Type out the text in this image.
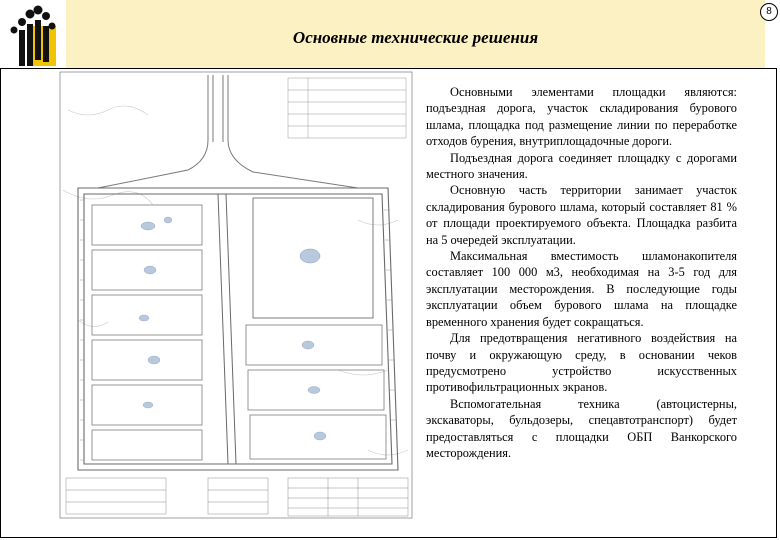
Основные технические решения
8

Основными элементами площадки являются: подъездная дорога, участок складирования бурового шлама, площадка под размещение линии по переработке отходов бурения, внутриплощадочные дороги.

Подъездная дорога соединяет площадку с дорогами местного значения.

Основную часть территории занимает участок складирования бурового шлама, который составляет 81 % от площади проектируемого объекта. Площадка разбита на 5 очередей эксплуатации.

Максимальная вместимость шламонакопителя составляет 100 000 м3, необходимая на 3-5 год для эксплуатации месторождения. В последующие годы эксплуатации объем бурового шлама на площадке временного хранения будет сокращаться.

Для предотвращения негативного воздействия на почву и окружающую среду, в основании чеков предусмотрено устройство искусственных противофильтрационных экранов.

Вспомогательная техника (автоцистерны, экскаваторы, бульдозеры, спецавтотранспорт) будет предоставляться с площадки ОБП Ванкорского месторождения.
